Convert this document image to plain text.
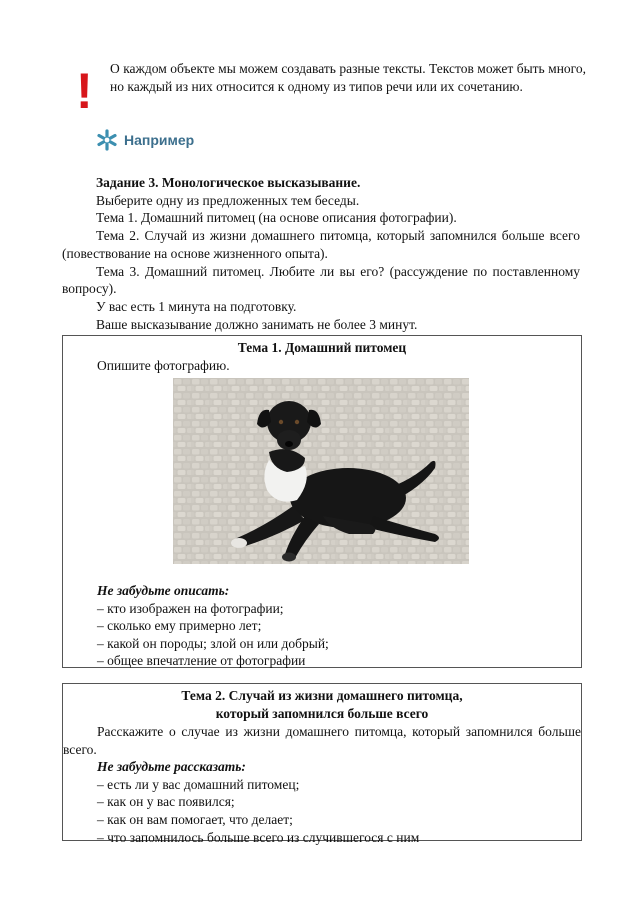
! О каждом объекте мы можем создавать разные тексты. Текстов может быть много, но каждый из них относится к одному из типов речи или их сочетанию.
Например

Задание 3. Монологическое высказывание.

Выберите одну из предложенных тем беседы.

Тема 1. Домашний питомец (на основе описания фотографии).

Тема 2. Случай из жизни домашнего питомца, который запомнился больше всего (повествование на основе жизненного опыта).

Тема 3. Домашний питомец. Любите ли вы его? (рассуждение по поставленному вопросу).

У вас есть 1 минута на подготовку.

Ваше высказывание должно занимать не более 3 минут.

Тема 1. Домашний питомец
Опишите фотографию.
Не забудьте описать:
– кто изображен на фотографии;
– сколько ему примерно лет;
– какой он породы; злой он или добрый;
– общее впечатление от фотографии
Тема 2. Случай из жизни домашнего питомца,
который запомнился больше всего
Расскажите о случае из жизни домашнего питомца, который запомнился больше всего.
Не забудьте рассказать:
– есть ли у вас домашний питомец;
– как он у вас появился;
– как он вам помогает, что делает;
– что запомнилось больше всего из случившегося с ним
